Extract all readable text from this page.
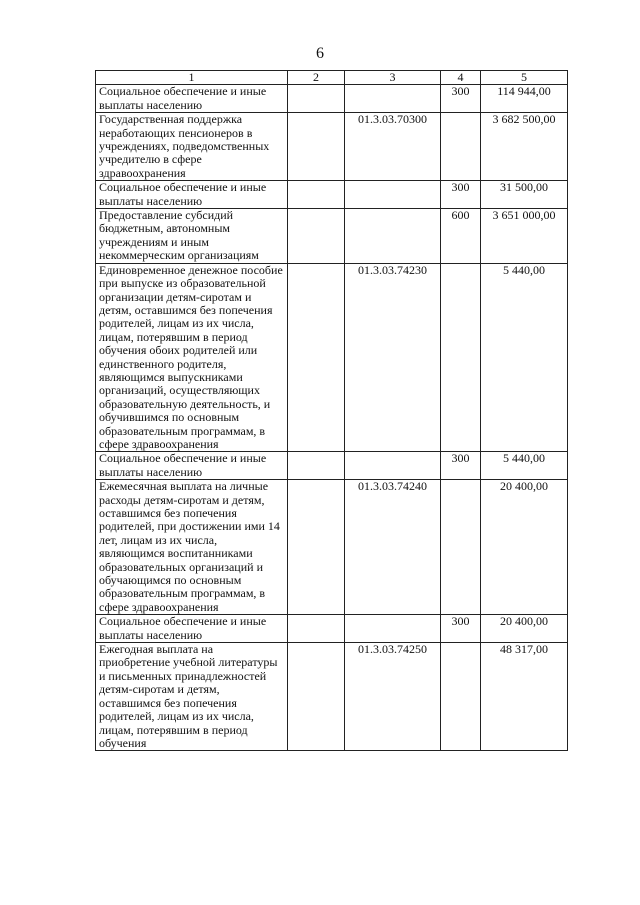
6
1	2	3	4	5
Социальное обеспечение и иные выплаты населению			300	114 944,00
Государственная поддержка неработающих пенсионеров в учреждениях, подведомственных учредителю в сфере здравоохранения		01.3.03.70300		3 682 500,00
Социальное обеспечение и иные выплаты населению			300	31 500,00
Предоставление субсидий бюджетным, автономным учреждениям и иным некоммерческим организациям			600	3 651 000,00
Единовременное денежное пособие при выпуске из образовательной организации детям-сиротам и детям, оставшимся без попечения родителей, лицам из их числа, лицам, потерявшим в период обучения обоих родителей или единственного родителя, являющимся выпускниками организаций, осуществляющих образовательную деятельность, и обучившимся по основным образовательным программам, в сфере здравоохранения		01.3.03.74230		5 440,00
Социальное обеспечение и иные выплаты населению			300	5 440,00
Ежемесячная выплата на личные расходы детям-сиротам и детям, оставшимся без попечения родителей, при достижении ими 14 лет, лицам из их числа, являющимся воспитанниками образовательных организаций и обучающимся по основным образовательным программам, в сфере здравоохранения		01.3.03.74240		20 400,00
Социальное обеспечение и иные выплаты населению			300	20 400,00
Ежегодная выплата на приобретение учебной литературы и письменных принадлежностей детям-сиротам и детям, оставшимся без попечения родителей, лицам из их числа, лицам, потерявшим в период обучения		01.3.03.74250		48 317,00
